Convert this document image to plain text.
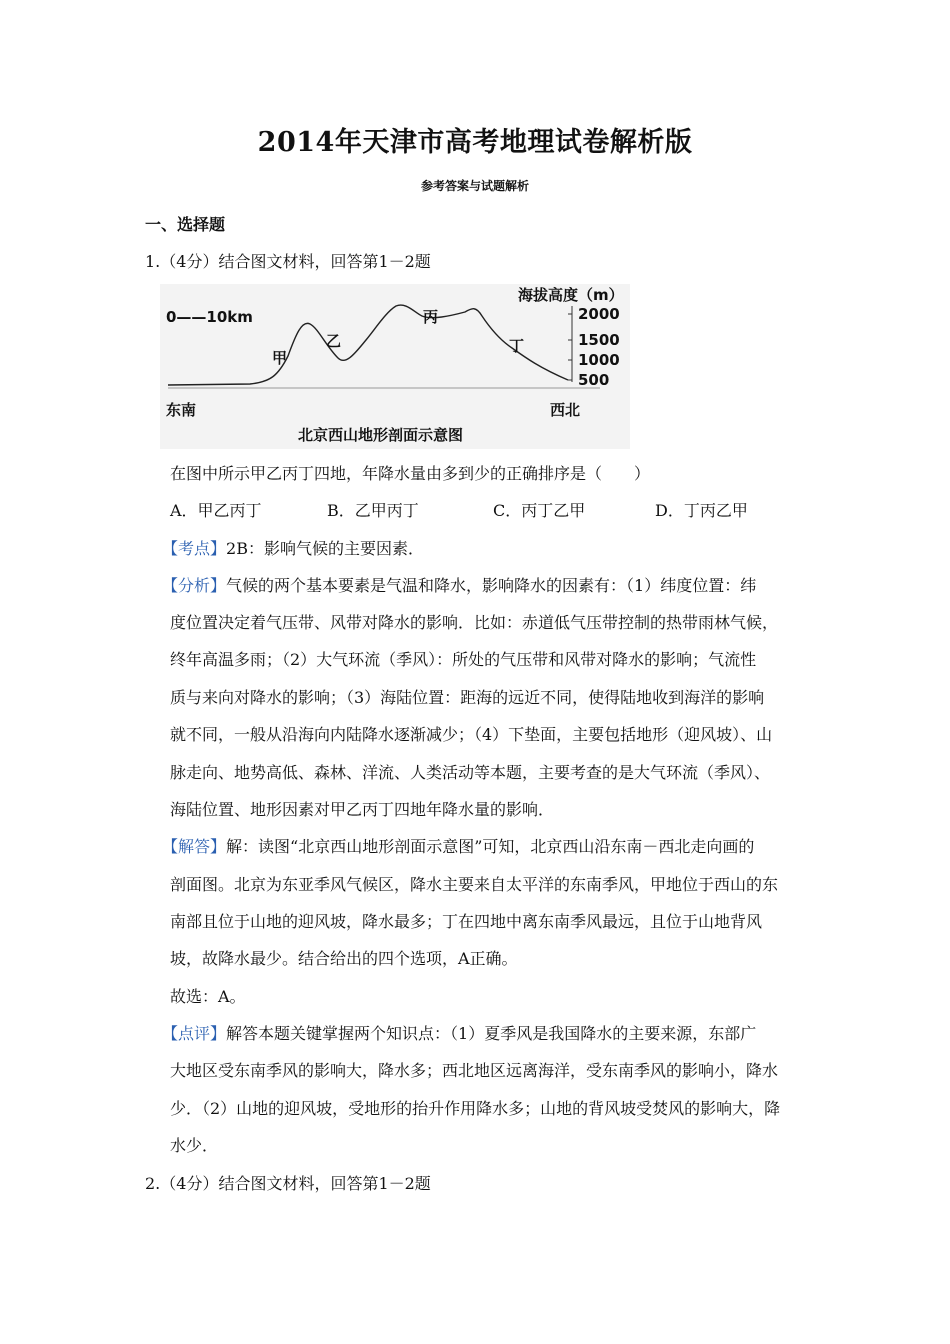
2014年天津市高考地理试卷解析版
参考答案与试题解析
一、选择题
1.（4分）结合图文材料，回答第1－2题
0——10km
海拔高度（m）
2000
1500
1000
500
甲
乙
丙
丁
东南	西北
北京西山地形剖面示意图
在图中所示甲乙丙丁四地，年降水量由多到少的正确排序是（　　）
A．甲乙丙丁	B．乙甲丙丁	C．丙丁乙甲	D．丁丙乙甲
【考点】2B：影响气候的主要因素．
【分析】气候的两个基本要素是气温和降水，影响降水的因素有：（1）纬度位置：纬
度位置决定着气压带、风带对降水的影响．比如：赤道低气压带控制的热带雨林气候，
终年高温多雨；（2）大气环流（季风）：所处的气压带和风带对降水的影响；气流性
质与来向对降水的影响；（3）海陆位置：距海的远近不同，使得陆地收到海洋的影响
就不同，一般从沿海向内陆降水逐渐减少；（4）下垫面，主要包括地形（迎风坡）、山
脉走向、地势高低、森林、洋流、人类活动等本题，主要考查的是大气环流（季风）、
海陆位置、地形因素对甲乙丙丁四地年降水量的影响．
【解答】解：读图“北京西山地形剖面示意图”可知，北京西山沿东南－西北走向画的
剖面图。北京为东亚季风气候区，降水主要来自太平洋的东南季风，甲地位于西山的东
南部且位于山地的迎风坡，降水最多；丁在四地中离东南季风最远，且位于山地背风
坡，故降水最少。结合给出的四个选项，A正确。
故选：A。
【点评】解答本题关键掌握两个知识点：（1）夏季风是我国降水的主要来源，东部广
大地区受东南季风的影响大，降水多；西北地区远离海洋，受东南季风的影响小，降水
少．（2）山地的迎风坡，受地形的抬升作用降水多；山地的背风坡受焚风的影响大，降
水少．
2.（4分）结合图文材料，回答第1－2题
